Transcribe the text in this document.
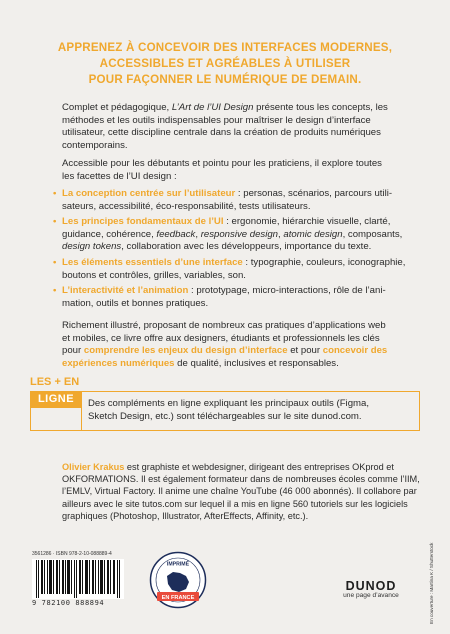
APPRENEZ À CONCEVOIR DES INTERFACES MODERNES,
ACCESSIBLES ET AGRÉABLES À UTILISER
POUR FAÇONNER LE NUMÉRIQUE DE DEMAIN.
Complet et pédagogique, L’Art de l’UI Design présente tous les concepts, les
méthodes et les outils indispensables pour maîtriser le design d’interface
utilisateur, cette discipline centrale dans la création de produits numériques
contemporains.
Accessible pour les débutants et pointu pour les praticiens, il explore toutes
les facettes de l’UI design :
• La conception centrée sur l’utilisateur : personas, scénarios, parcours utili-
sateurs, accessibilité, éco-responsabilité, tests utilisateurs.
• Les principes fondamentaux de l’UI : ergonomie, hiérarchie visuelle, clarté,
guidance, cohérence, feedback, responsive design, atomic design, composants,
design tokens, collaboration avec les développeurs, importance du texte.
• Les éléments essentiels d’une interface : typographie, couleurs, iconographie,
boutons et contrôles, grilles, variables, son.
• L’interactivité et l’animation : prototypage, micro-interactions, rôle de l’ani-
mation, outils et bonnes pratiques.
Richement illustré, proposant de nombreux cas pratiques d’applications web
et mobiles, ce livre offre aux designers, étudiants et professionnels les clés
pour comprendre les enjeux du design d’interface et pour concevoir des
expériences numériques de qualité, inclusives et responsables.
LES + EN
LIGNE	Des compléments en ligne expliquant les principaux outils (Figma,
Sketch Design, etc.) sont téléchargeables sur le site dunod.com.
Olivier Krakus est graphiste et webdesigner, dirigeant des entreprises OKprod et
OKFORMATIONS. Il est également formateur dans de nombreuses écoles comme l’IIM,
l’EMLV, Virtual Factory. Il anime une chaîne YouTube (46 000 abonnés). Il collabore par
ailleurs avec le site tutos.com sur lequel il a mis en ligne 560 tutoriels sur les logiciels
graphiques (Photoshop, Illustrator, AfterEffects, Affinity, etc.).
3561286 · ISBN 978-2-10-088889-4
9 782100 888894
IMPRIMÉ
EN FRANCE
DUNOD
une page d’avance	En couverture : Martina K / Shutterstock
